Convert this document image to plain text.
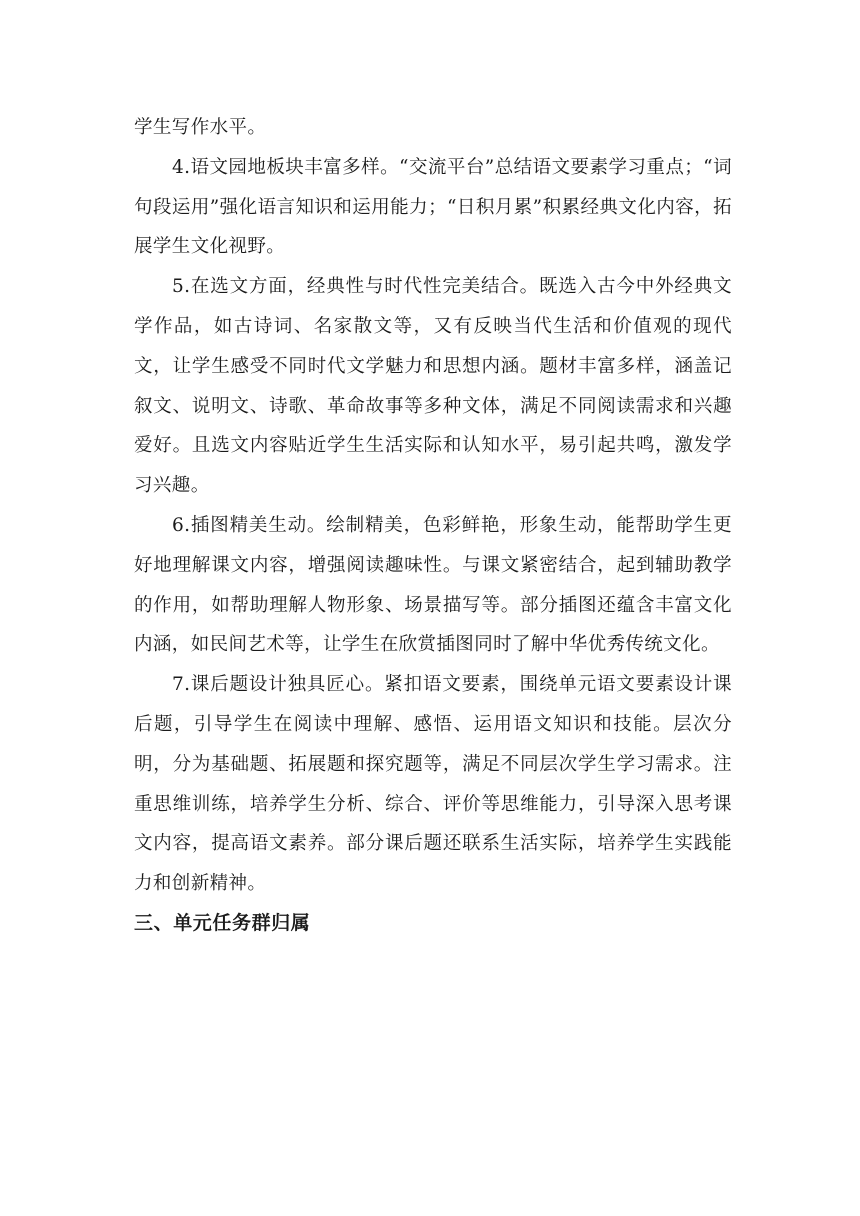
学生写作水平。

4.语文园地板块丰富多样。“交流平台”总结语文要素学习重点；“词句段运用”强化语言知识和运用能力；“日积月累”积累经典文化内容，拓展学生文化视野。

5.在选文方面，经典性与时代性完美结合。既选入古今中外经典文学作品，如古诗词、名家散文等，又有反映当代生活和价值观的现代文，让学生感受不同时代文学魅力和思想内涵。题材丰富多样，涵盖记叙文、说明文、诗歌、革命故事等多种文体，满足不同阅读需求和兴趣爱好。且选文内容贴近学生生活实际和认知水平，易引起共鸣，激发学习兴趣。

6.插图精美生动。绘制精美，色彩鲜艳，形象生动，能帮助学生更好地理解课文内容，增强阅读趣味性。与课文紧密结合，起到辅助教学的作用，如帮助理解人物形象、场景描写等。部分插图还蕴含丰富文化内涵，如民间艺术等，让学生在欣赏插图同时了解中华优秀传统文化。

7.课后题设计独具匠心。紧扣语文要素，围绕单元语文要素设计课后题，引导学生在阅读中理解、感悟、运用语文知识和技能。层次分明，分为基础题、拓展题和探究题等，满足不同层次学生学习需求。注重思维训练，培养学生分析、综合、评价等思维能力，引导深入思考课文内容，提高语文素养。部分课后题还联系生活实际，培养学生实践能力和创新精神。

三、单元任务群归属
